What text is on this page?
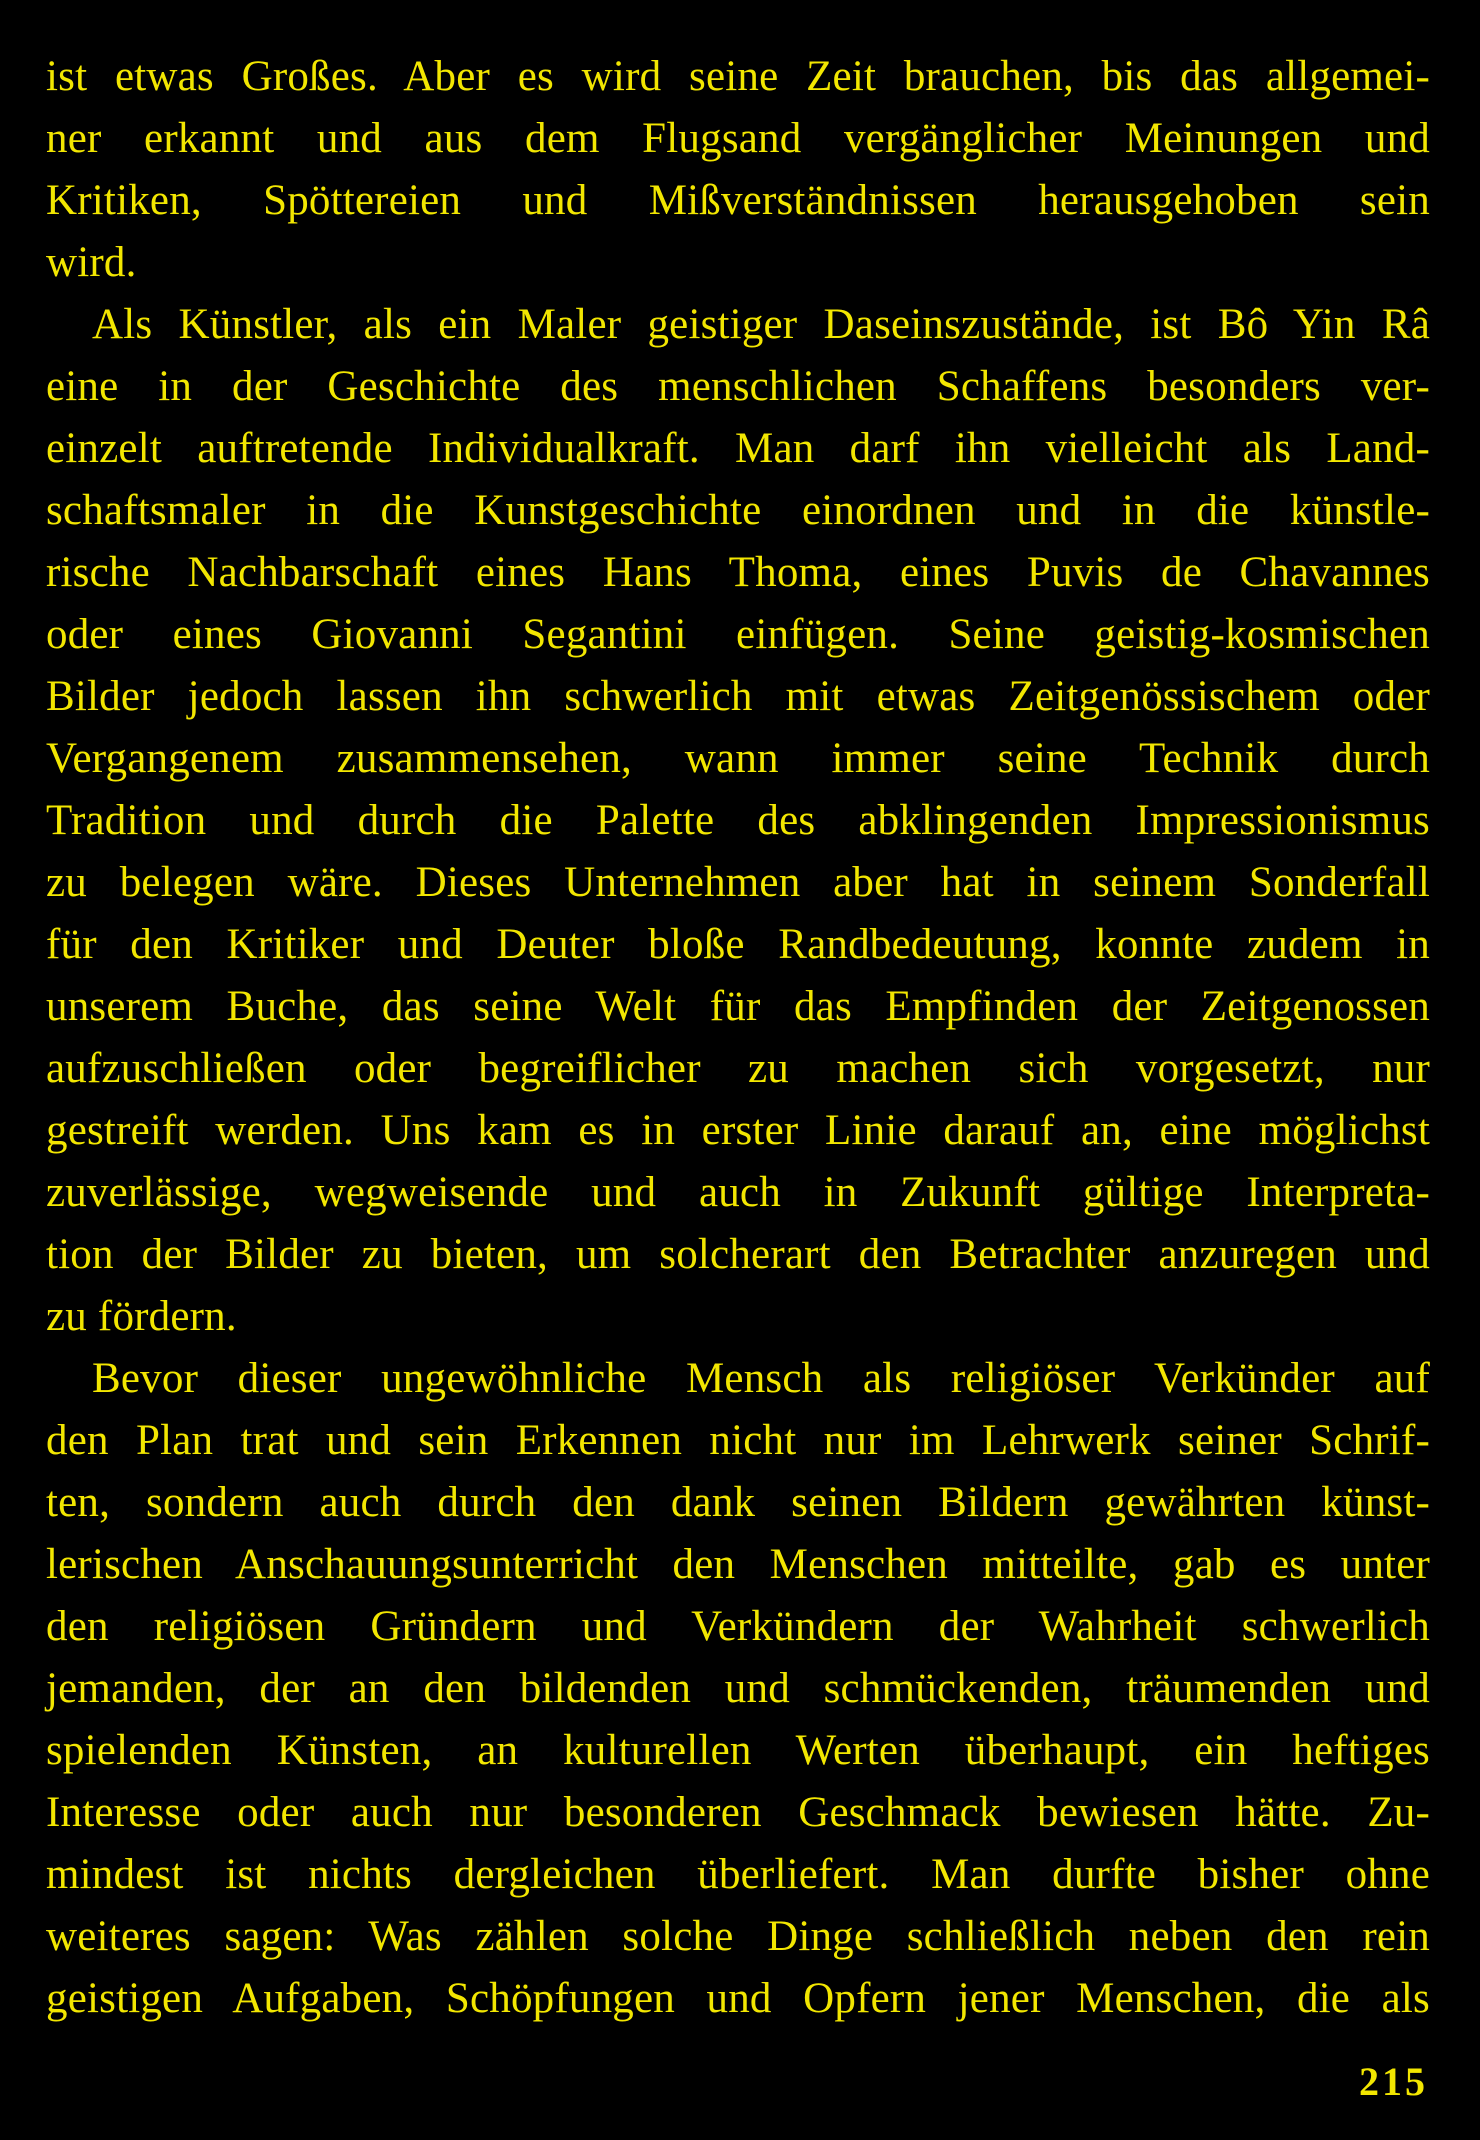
ist etwas Großes. Aber es wird seine Zeit brauchen, bis das allgemei-
ner erkannt und aus dem Flugsand vergänglicher Meinungen und
Kritiken, Spöttereien und Mißverständnissen herausgehoben sein
wird.
Als Künstler, als ein Maler geistiger Daseinszustände, ist Bô Yin Râ
eine in der Geschichte des menschlichen Schaffens besonders ver-
einzelt auftretende Individualkraft. Man darf ihn vielleicht als Land-
schaftsmaler in die Kunstgeschichte einordnen und in die künstle-
rische Nachbarschaft eines Hans Thoma, eines Puvis de Chavannes
oder eines Giovanni Segantini einfügen. Seine geistig-kosmischen
Bilder jedoch lassen ihn schwerlich mit etwas Zeitgenössischem oder
Vergangenem zusammensehen, wann immer seine Technik durch
Tradition und durch die Palette des abklingenden Impressionismus
zu belegen wäre. Dieses Unternehmen aber hat in seinem Sonderfall
für den Kritiker und Deuter bloße Randbedeutung, konnte zudem in
unserem Buche, das seine Welt für das Empfinden der Zeitgenossen
aufzuschließen oder begreiflicher zu machen sich vorgesetzt, nur
gestreift werden. Uns kam es in erster Linie darauf an, eine möglichst
zuverlässige, wegweisende und auch in Zukunft gültige Interpreta-
tion der Bilder zu bieten, um solcherart den Betrachter anzuregen und
zu fördern.
Bevor dieser ungewöhnliche Mensch als religiöser Verkünder auf
den Plan trat und sein Erkennen nicht nur im Lehrwerk seiner Schrif-
ten, sondern auch durch den dank seinen Bildern gewährten künst-
lerischen Anschauungsunterricht den Menschen mitteilte, gab es unter
den religiösen Gründern und Verkündern der Wahrheit schwerlich
jemanden, der an den bildenden und schmückenden, träumenden und
spielenden Künsten, an kulturellen Werten überhaupt, ein heftiges
Interesse oder auch nur besonderen Geschmack bewiesen hätte. Zu-
mindest ist nichts dergleichen überliefert. Man durfte bisher ohne
weiteres sagen: Was zählen solche Dinge schließlich neben den rein
geistigen Aufgaben, Schöpfungen und Opfern jener Menschen, die als
215
